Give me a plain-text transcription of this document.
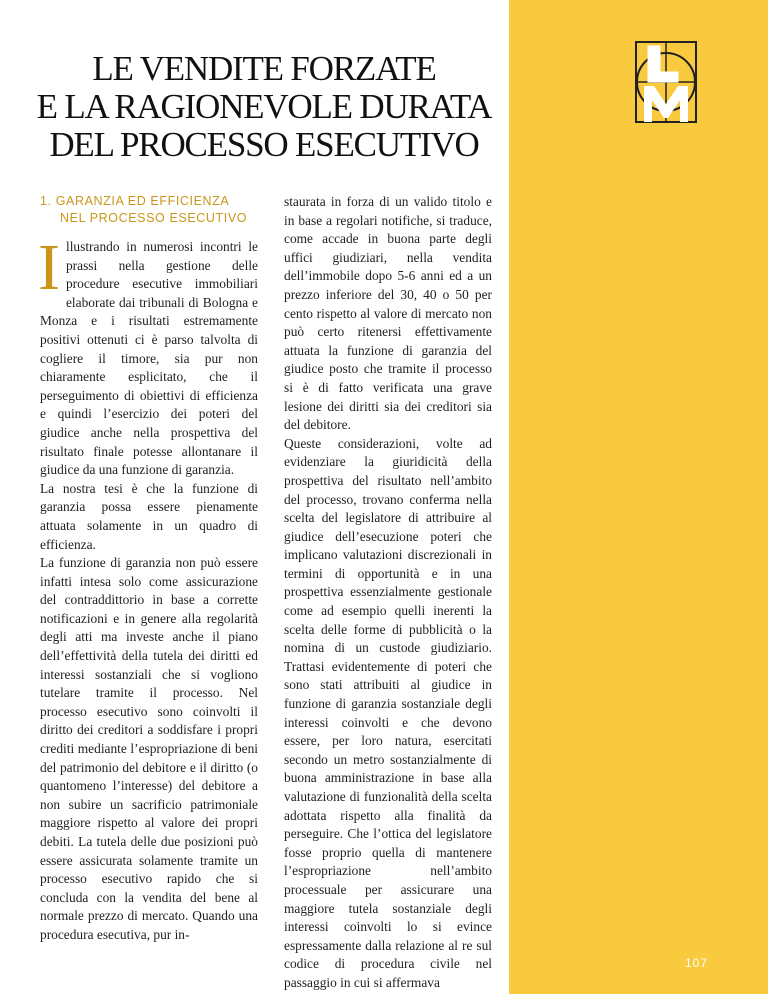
LE VENDITE FORZATE
E LA RAGIONEVOLE DURATA
DEL PROCESSO ESECUTIVO
1. GARANZIA ED EFFICIENZA
NEL PROCESSO ESECUTIVO

Illustrando in numerosi incontri le prassi nella gestione delle procedure esecutive immobiliari elaborate dai tribunali di Bologna e Monza e i risultati estremamente positivi ottenuti ci è parso talvolta di cogliere il timore, sia pur non chiaramente esplicitato, che il perseguimento di obiettivi di efficienza e quindi l’esercizio dei poteri del giudice anche nella prospettiva del risultato finale potesse allontanare il giudice da una funzione di garanzia.

La nostra tesi è che la funzione di garanzia possa essere pienamente attuata solamente in un quadro di efficienza.

La funzione di garanzia non può essere infatti intesa solo come assicurazione del contraddittorio in base a corrette notificazioni e in genere alla regolarità degli atti ma investe anche il piano dell’effettività della tutela dei diritti ed interessi sostanziali che si vogliono tutelare tramite il processo. Nel processo esecutivo sono coinvolti il diritto dei creditori a soddisfare i propri crediti mediante l’espropriazione di beni del patrimonio del debitore e il diritto (o quantomeno l’interesse) del debitore a non subire un sacrificio patrimoniale maggiore rispetto al valore dei propri debiti. La tutela delle due posizioni può essere assicurata solamente tramite un processo esecutivo rapido che si concluda con la vendita del bene al normale prezzo di mercato. Quando una procedura esecutiva, pur in-

staurata in forza di un valido titolo e in base a regolari notifiche, si traduce, come accade in buona parte degli uffici giudiziari, nella vendita dell’immobile dopo 5-6 anni ed a un prezzo inferiore del 30, 40 o 50 per cento rispetto al valore di mercato non può certo ritenersi effettivamente attuata la funzione di garanzia del giudice posto che tramite il processo si è di fatto verificata una grave lesione dei diritti sia dei creditori sia del debitore.

Queste considerazioni, volte ad evidenziare la giuridicità della prospettiva del risultato nell’ambito del processo, trovano conferma nella scelta del legislatore di attribuire al giudice dell’esecuzione poteri che implicano valutazioni discrezionali in termini di opportunità e in una prospettiva essenzialmente gestionale come ad esempio quelli inerenti la scelta delle forme di pubblicità o la nomina di un custode giudiziario. Trattasi evidentemente di poteri che sono stati attribuiti al giudice in funzione di garanzia sostanziale degli interessi coinvolti e che devono essere, per loro natura, esercitati secondo un metro sostanzialmente di buona amministrazione in base alla valutazione di funzionalità della scelta adottata rispetto alla finalità da perseguire. Che l’ottica del legislatore fosse proprio quella di mantenere l’espropriazione nell’ambito processuale per assicurare una maggiore tutela sostanziale degli interessi coinvolti lo si evince espressamente dalla relazione al re sul codice di procedura civile nel passaggio in cui si affermava

107
